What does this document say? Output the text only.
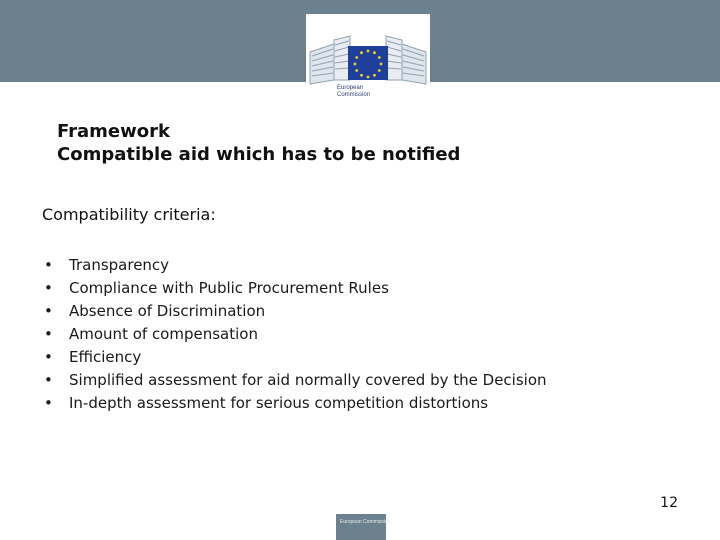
European
Commission
Framework
Compatible aid which has to be notified
Compatibility criteria:
• Transparency
• Compliance with Public Procurement Rules
• Absence of Discrimination
• Amount of compensation
• Efficiency
• Simplified assessment for aid normally covered by the Decision
• In-depth assessment for serious competition distortions
12
European Commission
